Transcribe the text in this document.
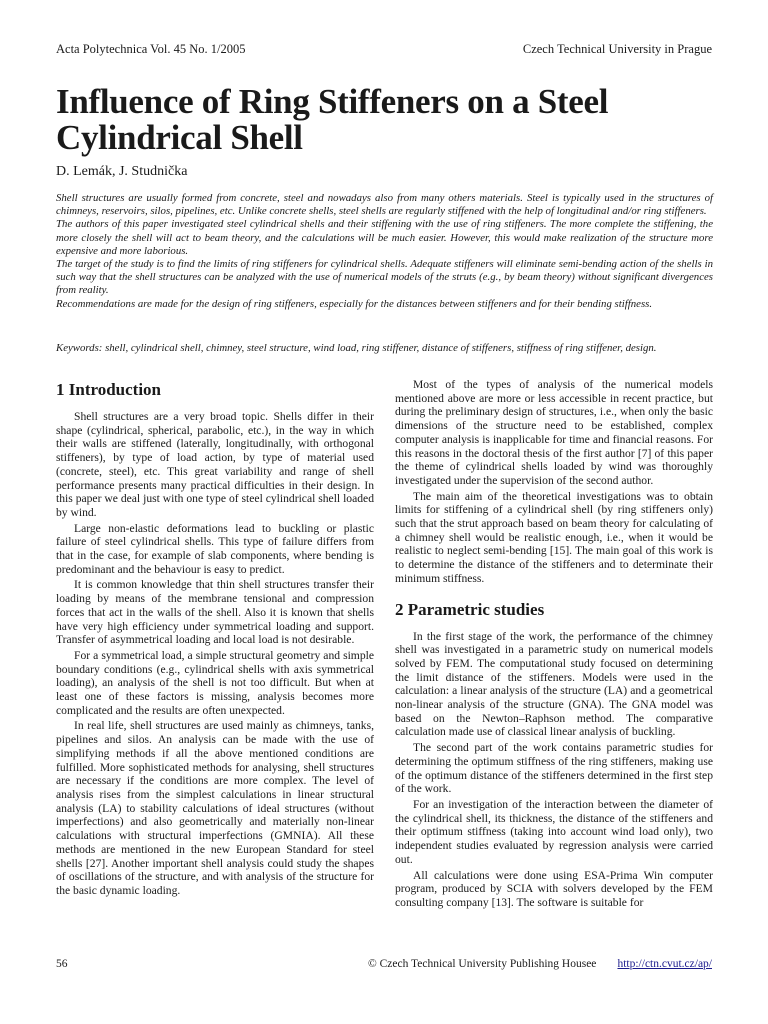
Acta Polytechnica Vol. 45 No. 1/2005	Czech Technical University in Prague
Influence of Ring Stiffeners on a Steel Cylindrical Shell
D. Lemák, J. Studnička

Shell structures are usually formed from concrete, steel and nowadays also from many others materials. Steel is typically used in the structures of chimneys, reservoirs, silos, pipelines, etc. Unlike concrete shells, steel shells are regularly stiffened with the help of longitudinal and/or ring stiffeners.

The authors of this paper investigated steel cylindrical shells and their stiffening with the use of ring stiffeners. The more complete the stiffening, the more closely the shell will act to beam theory, and the calculations will be much easier. However, this would make realization of the structure more expensive and more laborious.

The target of the study is to find the limits of ring stiffeners for cylindrical shells. Adequate stiffeners will eliminate semi-bending action of the shells in such way that the shell structures can be analyzed with the use of numerical models of the struts (e.g., by beam theory) without significant divergences from reality.

Recommendations are made for the design of ring stiffeners, especially for the distances between stiffeners and for their bending stiffness.

Keywords: shell, cylindrical shell, chimney, steel structure, wind load, ring stiffener, distance of stiffeners, stiffness of ring stiffener, design.
1 Introduction

Shell structures are a very broad topic. Shells differ in their shape (cylindrical, spherical, parabolic, etc.), in the way in which their walls are stiffened (laterally, longitudinally, with orthogonal stiffeners), by type of load action, by type of material used (concrete, steel), etc. This great variability and range of shell performance presents many practical difficulties in their design. In this paper we deal just with one type of steel cylindrical shell loaded by wind.

Large non-elastic deformations lead to buckling or plastic failure of steel cylindrical shells. This type of failure differs from that in the case, for example of slab components, where bending is predominant and the behaviour is easy to predict.

It is common knowledge that thin shell structures transfer their loading by means of the membrane tensional and compression forces that act in the walls of the shell. Also it is known that shells have very high efficiency under symmetrical loading and support. Transfer of asymmetrical loading and local load is not desirable.

For a symmetrical load, a simple structural geometry and simple boundary conditions (e.g., cylindrical shells with axis symmetrical loading), an analysis of the shell is not too difficult. But when at least one of these factors is missing, analysis becomes more complicated and the results are often unexpected.

In real life, shell structures are used mainly as chimneys, tanks, pipelines and silos. An analysis can be made with the use of simplifying methods if all the above mentioned conditions are fulfilled. More sophisticated methods for analysing, shell structures are necessary if the conditions are more complex. The level of analysis rises from the simplest calculations in linear structural analysis (LA) to stability calculations of ideal structures (without imperfections) and also geometrically and materially non-linear calculations with structural imperfections (GMNIA). All these methods are mentioned in the new European Standard for steel shells [27]. Another important shell analysis could study the shapes of oscillations of the structure, and with analysis of the structure for the basic dynamic loading.

Most of the types of analysis of the numerical models mentioned above are more or less accessible in recent practice, but during the preliminary design of structures, i.e., when only the basic dimensions of the structure need to be established, complex computer analysis is inapplicable for time and financial reasons. For this reasons in the doctoral thesis of the first author [7] of this paper the theme of cylindrical shells loaded by wind was thoroughly investigated under the supervision of the second author.

The main aim of the theoretical investigations was to obtain limits for stiffening of a cylindrical shell (by ring stiffeners only) such that the strut approach based on beam theory for calculating of a chimney shell would be realistic enough, i.e., when it would be realistic to neglect semi-bending [15]. The main goal of this work is to determine the distance of the stiffeners and to determinate their minimum stiffness.

2 Parametric studies

In the first stage of the work, the performance of the chimney shell was investigated in a parametric study on numerical models solved by FEM. The computational study focused on determining the limit distance of the stiffeners. Models were used in the calculation: a linear analysis of the structure (LA) and a geometrical non-linear analysis of the structure (GNA). The GNA model was based on the Newton–Raphson method. The comparative calculation made use of classical linear analysis of buckling.

The second part of the work contains parametric studies for determining the optimum stiffness of the ring stiffeners, making use of the optimum distance of the stiffeners determined in the first step of the work.

For an investigation of the interaction between the diameter of the cylindrical shell, its thickness, the distance of the stiffeners and their optimum stiffness (taking into account wind load only), two independent studies evaluated by regression analysis were carried out.

All calculations were done using ESA-Prima Win computer program, produced by SCIA with solvers developed by the FEM consulting company [13]. The software is suitable for

56	© Czech Technical University Publishing Housee http://ctn.cvut.cz/ap/
